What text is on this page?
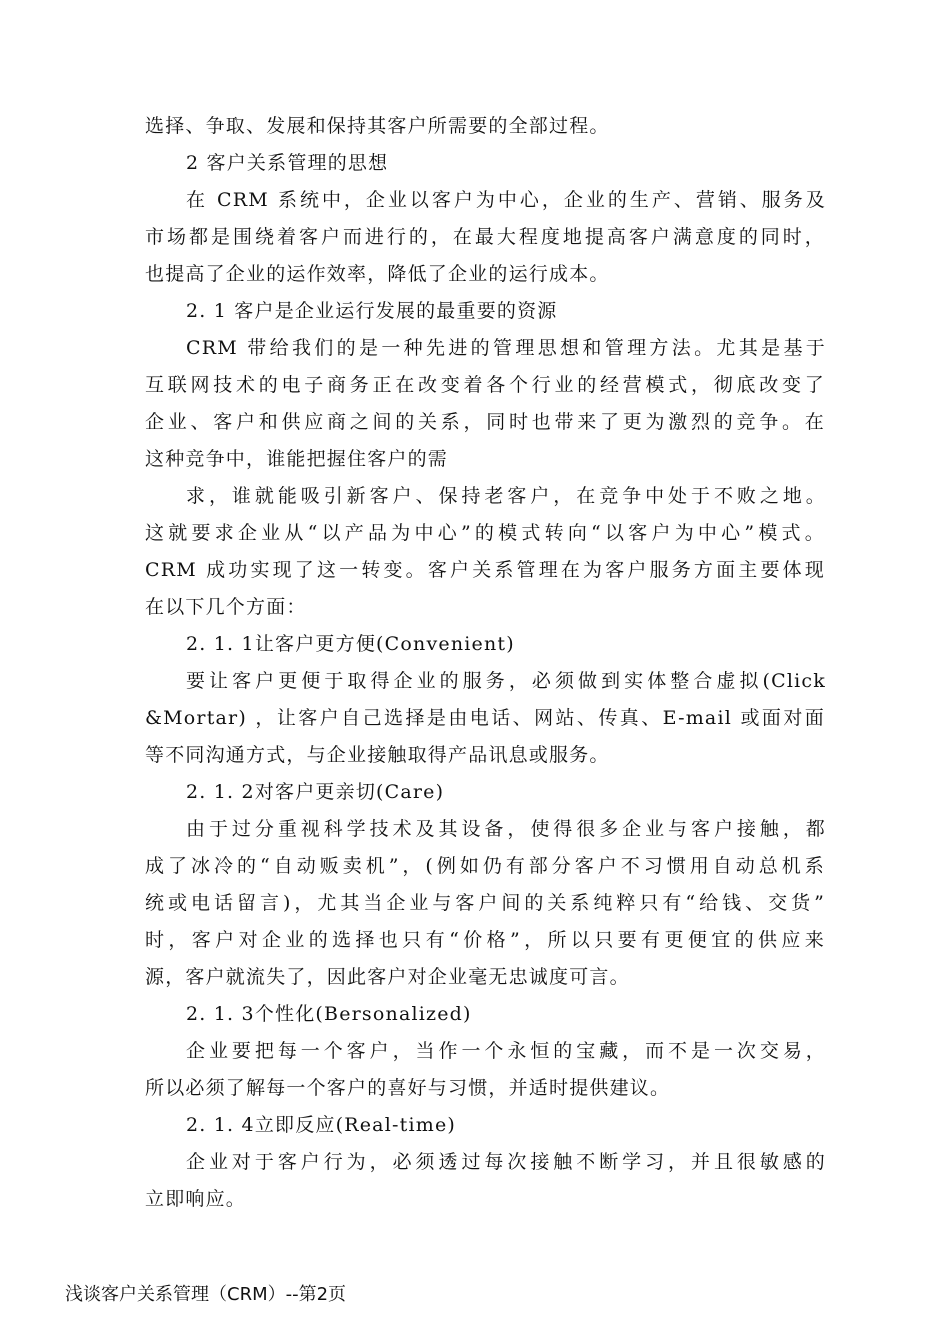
选择、争取、发展和保持其客户所需要的全部过程。
2 客户关系管理的思想
在 CRM 系统中，企业以客户为中心，企业的生产、营销、服务及
市场都是围绕着客户而进行的，在最大程度地提高客户满意度的同时，
也提高了企业的运作效率，降低了企业的运行成本。
2. 1 客户是企业运行发展的最重要的资源
CRM 带给我们的是一种先进的管理思想和管理方法。尤其是基于
互联网技术的电子商务正在改变着各个行业的经营模式，彻底改变了
企业、客户和供应商之间的关系，同时也带来了更为激烈的竞争。在
这种竞争中，谁能把握住客户的需
求，谁就能吸引新客户、保持老客户，在竞争中处于不败之地。
这就要求企业从“以产品为中心”的模式转向“以客户为中心”模式。
CRM 成功实现了这一转变。客户关系管理在为客户服务方面主要体现
在以下几个方面：
2. 1. 1让客户更方便(Convenient)
要让客户更便于取得企业的服务，必须做到实体整合虚拟(Click
&Mortar) ，让客户自己选择是由电话、网站、传真、E-mail 或面对面
等不同沟通方式，与企业接触取得产品讯息或服务。
2. 1. 2对客户更亲切(Care)
由于过分重视科学技术及其设备，使得很多企业与客户接触，都
成了冰冷的“自动贩卖机”，(例如仍有部分客户不习惯用自动总机系
统或电话留言)，尤其当企业与客户间的关系纯粹只有“给钱、交货”
时，客户对企业的选择也只有“价格”，所以只要有更便宜的供应来
源，客户就流失了，因此客户对企业毫无忠诚度可言。
2. 1. 3个性化(Bersonalized)
企业要把每一个客户，当作一个永恒的宝藏，而不是一次交易，
所以必须了解每一个客户的喜好与习惯，并适时提供建议。
2. 1. 4立即反应(Real-time)
企业对于客户行为，必须透过每次接触不断学习，并且很敏感的
立即响应。
浅谈客户关系管理（CRM）--第2页
